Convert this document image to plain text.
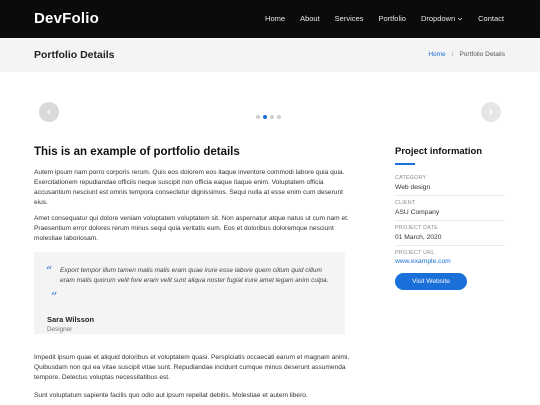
DevFolio	Home About Services Portfolio Dropdown	Contact
Portfolio Details	Home / Portfolio Details
This is an example of portfolio details

Autem ipsum nam porro corporis rerum. Quis eos dolorem eos itaque inventore commodi labore quia quia. Exercitationem repudiandae officiis neque suscipit non officia eaque itaque enim. Voluptatem officia accusantium nesciunt est omnis tempora consectetur dignissimos. Sequi nulla at esse enim cum deserunt eius.

Amet consequatur qui dolore veniam voluptatem voluptatem sit. Non aspernatur atque natus ut cum nam et. Praesentium error dolores rerum minus sequi quia veritatis eum. Eos et doloribus doloremque nesciunt molestiae laboriosam.

“ Export tempor illum tamen malis malis eram quae irure esse labore quem cillum quid cillum eram malis quorum velit fore eram velit sunt aliqua noster fugiat irure amet legam anim culpa.

”
Sara Wilsson
Designer

Impedit ipsum quae et aliquid doloribus et voluptatem quasi. Perspiciatis occaecati earum et magnam animi. Quibusdam non qui ea vitae suscipit vitae sunt. Repudiandae incidunt cumque minus deserunt assumenda tempore. Delectus voluptas necessitatibus est.

Sunt voluptatum sapiente facilis quo odio aut ipsum repellat debitis. Molestiae et autem libero.

Project information
CATEGORY
Web design
CLIENT
ASU Company
PROJECT DATE
01 March, 2020
PROJECT URL
www.example.com
Visit Website
